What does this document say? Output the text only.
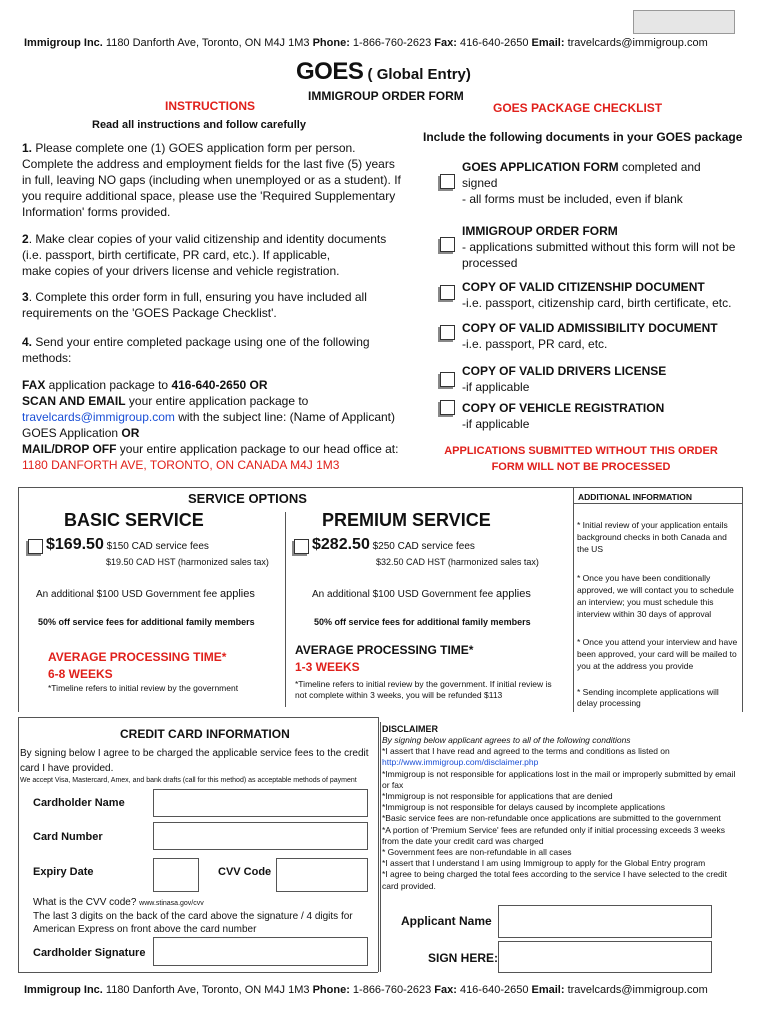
Immigroup Inc. 1180 Danforth Ave, Toronto, ON M4J 1M3 Phone: 1-866-760-2623 Fax: 416-640-2650 Email: travelcards@immigroup.com
GOES ( Global Entry)
IMMIGROUP ORDER FORM
INSTRUCTIONS
Read all instructions and follow carefully
1. Please complete one (1) GOES application form per person. Complete the address and employment fields for the last five (5) years in full, leaving NO gaps (including when unemployed or as a student). If you require additional space, please use the 'Required Supplementary Information' forms provided.
2. Make clear copies of your valid citizenship and identity documents (i.e. passport, birth certificate, PR card, etc.). If applicable,
make copies of your drivers license and vehicle registration.
3. Complete this order form in full, ensuring you have included all requirements on the 'GOES Package Checklist'.
4. Send your entire completed package using one of the following methods:
FAX application package to 416-640-2650 OR
SCAN AND EMAIL your entire application package to
travelcards@immigroup.com with the subject line: (Name of Applicant) GOES Application OR
MAIL/DROP OFF your entire application package to our head office at:
1180 DANFORTH AVE, TORONTO, ON CANADA M4J 1M3
GOES PACKAGE CHECKLIST
Include the following documents in your GOES package
GOES APPLICATION FORM completed and signed
- all forms must be included, even if blank
IMMIGROUP ORDER FORM
- applications submitted without this form will not be processed
COPY OF VALID CITIZENSHIP DOCUMENT
-i.e. passport, citizenship card, birth certificate, etc.
COPY OF VALID ADMISSIBILITY DOCUMENT
-i.e. passport, PR card, etc.
COPY OF VALID DRIVERS LICENSE
-if applicable
COPY OF VEHICLE REGISTRATION
-if applicable
APPLICATIONS SUBMITTED WITHOUT THIS ORDER FORM WILL NOT BE PROCESSED
SERVICE OPTIONS
BASIC SERVICE
$169.50 $150 CAD service fees
$19.50 CAD HST (harmonized sales tax)
An additional $100 USD Government fee applies
50% off service fees for additional family members
AVERAGE PROCESSING TIME*
6-8 WEEKS
*Timeline refers to initial review by the government
PREMIUM SERVICE
$282.50 $250 CAD service fees
$32.50 CAD HST (harmonized sales tax)
An additional $100 USD Government fee applies
50% off service fees for additional family members
AVERAGE PROCESSING TIME*
1-3 WEEKS
*Timeline refers to initial review by the government. If initial review is not complete within 3 weeks, you will be refunded $113
ADDITIONAL INFORMATION
* Initial review of your application entails background checks in both Canada and the US
* Once you have been conditionally approved, we will contact you to schedule an interview; you must schedule this interview within 30 days of approval
* Once you attend your interview and have been approved, your card will be mailed to you at the address you provide
* Sending incomplete applications will delay processing
CREDIT CARD INFORMATION
By signing below I agree to be charged the applicable service fees to the credit card I have provided.
We accept Visa, Mastercard, Amex, and bank drafts (call for this method) as acceptable methods of payment
Cardholder Name
Card Number
Expiry Date	CVV Code
What is the CVV code? www.stinasa.gov/cvv
The last 3 digits on the back of the card above the signature / 4 digits for American Express on front above the card number
Cardholder Signature
DISCLAIMER
By signing below applicant agrees to all of the following conditions
*I assert that I have read and agreed to the terms and conditions as listed on
http://www.immigroup.com/disclaimer.php
*Immigroup is not responsible for applications lost in the mail or improperly submitted by email or fax
*Immigroup is not responsible for applications that are denied
*Immigroup is not responsible for delays caused by incomplete applications
*Basic service fees are non-refundable once applications are submitted to the government
*A portion of 'Premium Service' fees are refunded only if initial processing exceeds 3 weeks from the date your credit card was charged
* Government fees are non-refundable in all cases
*I assert that I understand I am using Immigroup to apply for the Global Entry program
*I agree to being charged the total fees according to the service I have selected to the credit card provided.
Applicant Name
SIGN HERE:
Immigroup Inc. 1180 Danforth Ave, Toronto, ON M4J 1M3 Phone: 1-866-760-2623 Fax: 416-640-2650 Email: travelcards@immigroup.com
